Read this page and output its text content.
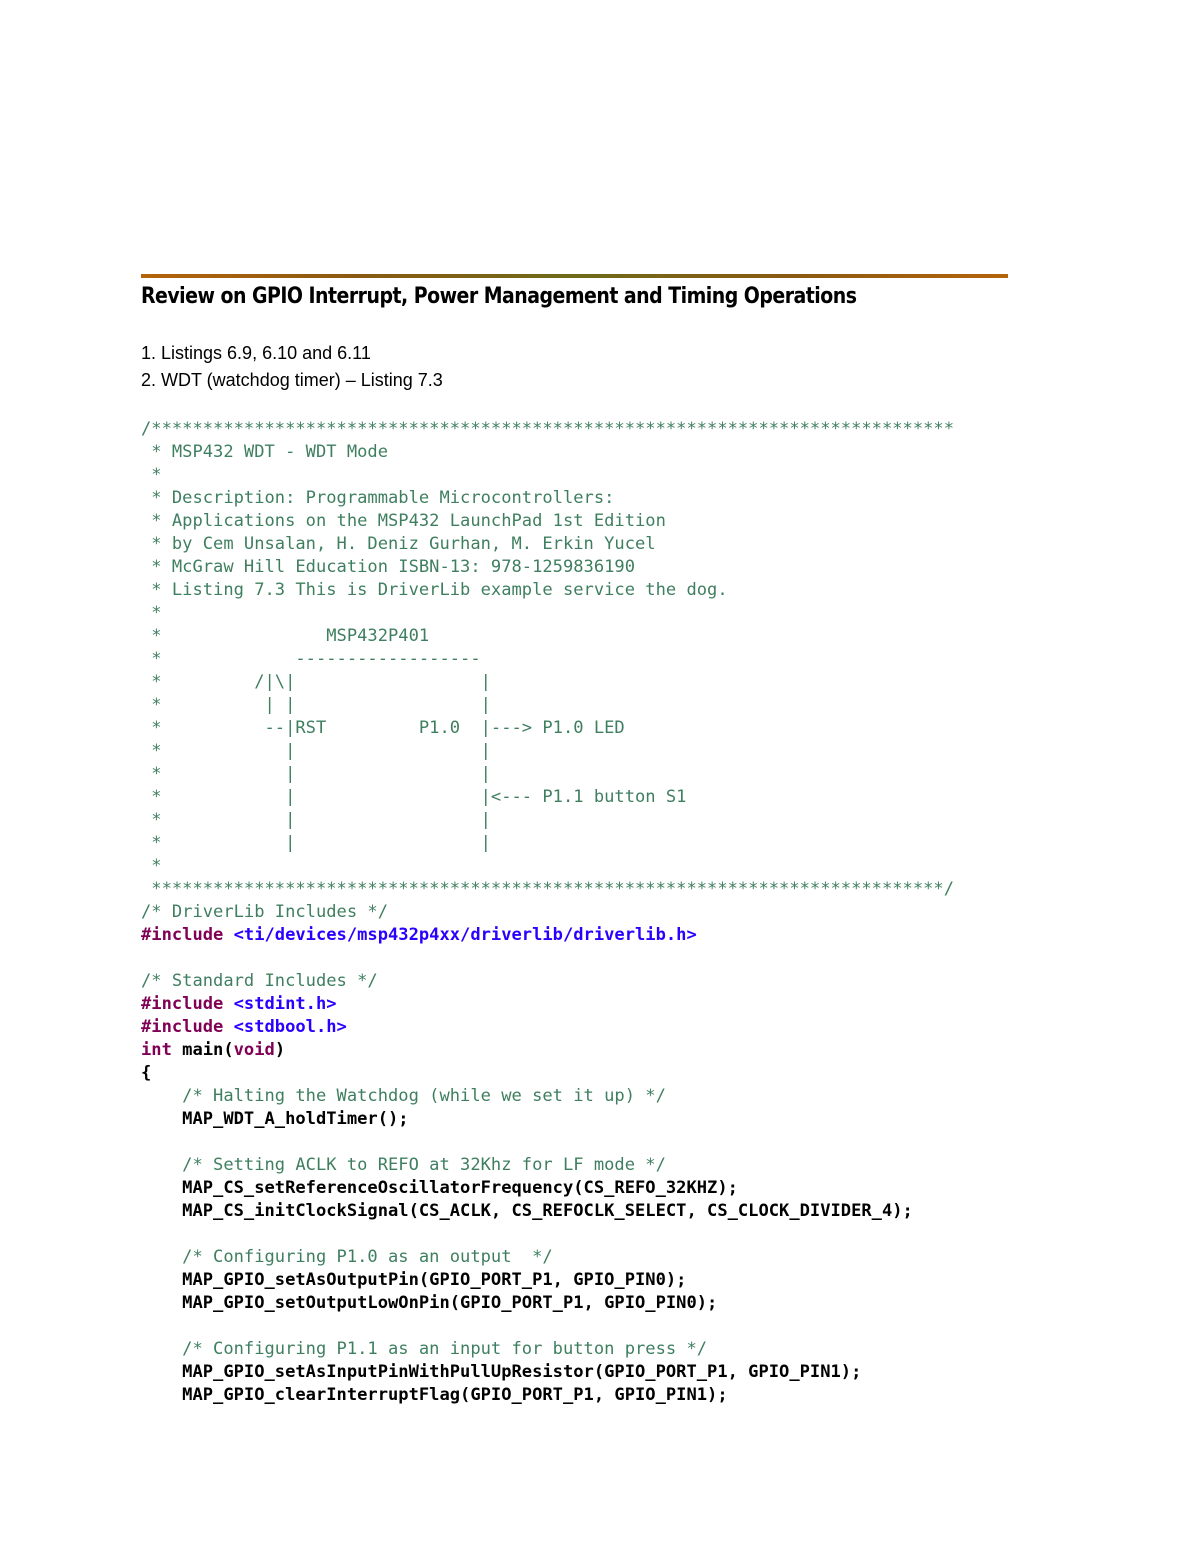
Review on GPIO Interrupt, Power Management and Timing Operations
1. Listings 6.9, 6.10 and 6.11
2. WDT (watchdog timer) – Listing 7.3
/******************************************************************************
* MSP432 WDT - WDT Mode
*
* Description: Programmable Microcontrollers:
* Applications on the MSP432 LaunchPad 1st Edition
* by Cem Unsalan, H. Deniz Gurhan, M. Erkin Yucel
* McGraw Hill Education ISBN-13: 978-1259836190
* Listing 7.3 This is DriverLib example service the dog.
*
*                MSP432P401
*             ------------------
*         /|\|                  |
*          | |                  |
*          --|RST         P1.0  |---> P1.0 LED
*            |                  |
*            |                  |
*            |                  |<--- P1.1 button S1
*            |                  |
*            |                  |
*
*****************************************************************************/
/* DriverLib Includes */
#include <ti/devices/msp432p4xx/driverlib/driverlib.h>
/* Standard Includes */
#include <stdint.h>
#include <stdbool.h>
int main(void)
{
/* Halting the Watchdog (while we set it up) */
MAP_WDT_A_holdTimer();
/* Setting ACLK to REFO at 32Khz for LF mode */
MAP_CS_setReferenceOscillatorFrequency(CS_REFO_32KHZ);
MAP_CS_initClockSignal(CS_ACLK, CS_REFOCLK_SELECT, CS_CLOCK_DIVIDER_4);
/* Configuring P1.0 as an output  */
MAP_GPIO_setAsOutputPin(GPIO_PORT_P1, GPIO_PIN0);
MAP_GPIO_setOutputLowOnPin(GPIO_PORT_P1, GPIO_PIN0);
/* Configuring P1.1 as an input for button press */
MAP_GPIO_setAsInputPinWithPullUpResistor(GPIO_PORT_P1, GPIO_PIN1);
MAP_GPIO_clearInterruptFlag(GPIO_PORT_P1, GPIO_PIN1);
